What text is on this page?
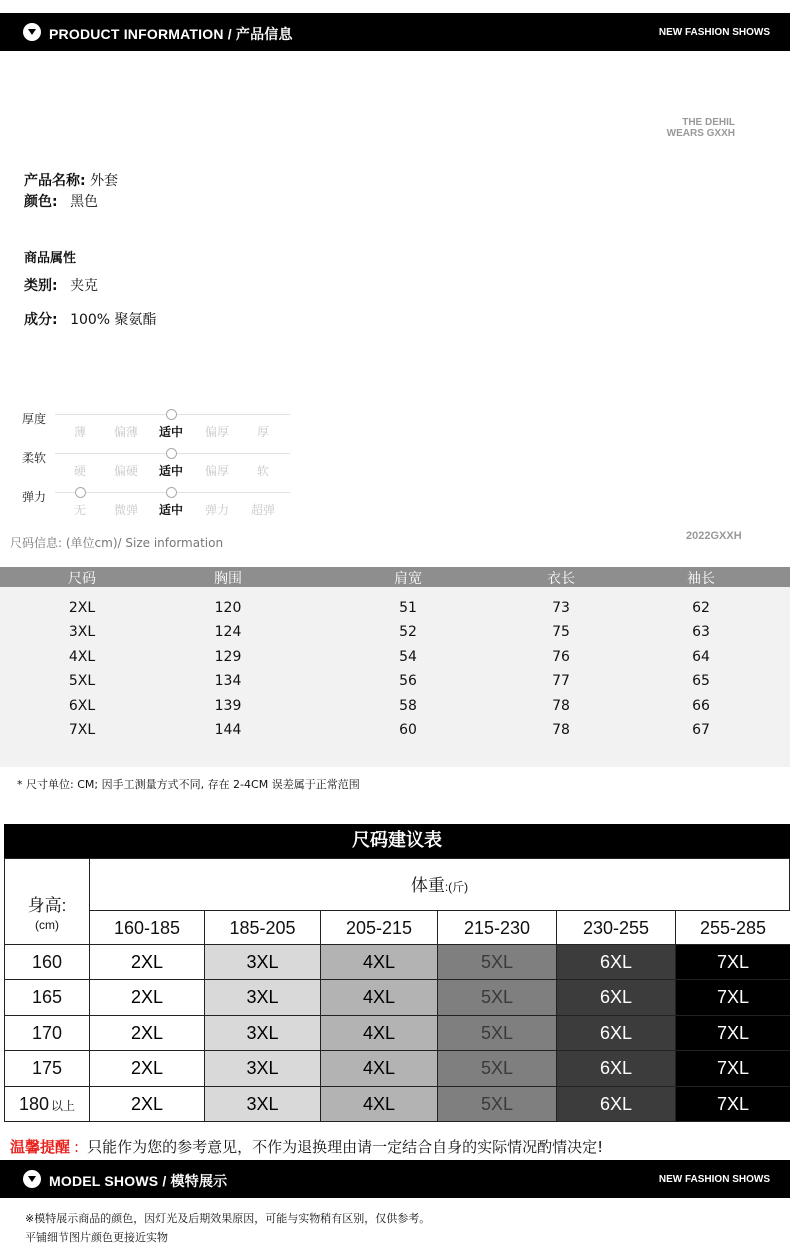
PRODUCT INFORMATION / 产品信息	NEW FASHION SHOWS
THE DEHIL
WEARS GXXH
产品名称: 外套
颜色: 黑色
商品属性
类别: 夹克
成分: 100% 聚氨酯
厚度
薄	偏薄	适中	偏厚	厚
柔软
硬	偏硬	适中	偏厚	软
弹力
无	微弹	适中	弹力	超弹
尺码信息: (单位cm)/ Size information	2022GXXH
尺码	胸围	肩宽	衣长	袖长
2XL	120	51	73	62
3XL	124	52	75	63
4XL	129	54	76	64
5XL	134	56	77	65
6XL	139	58	78	66
7XL	144	60	78	67
* 尺寸单位: CM; 因手工测量方式不同, 存在 2-4CM 误差属于正常范围
尺码建议表
身高:
(cm)
体重:(斤)
160-185	185-205	205-215	215-230	230-255	255-285
160	2XL	3XL	4XL	5XL	6XL	7XL
165	2XL	3XL	4XL	5XL	6XL	7XL
170	2XL	3XL	4XL	5XL	6XL	7XL
175	2XL	3XL	4XL	5XL	6XL	7XL
180 以上	2XL	3XL	4XL	5XL	6XL	7XL
温馨提醒 : 只能作为您的参考意见，不作为退换理由请一定结合自身的实际情况酌情决定!
MODEL SHOWS / 模特展示	NEW FASHION SHOWS
※模特展示商品的颜色，因灯光及后期效果原因，可能与实物稍有区别，仅供参考。
平铺细节图片颜色更接近实物
